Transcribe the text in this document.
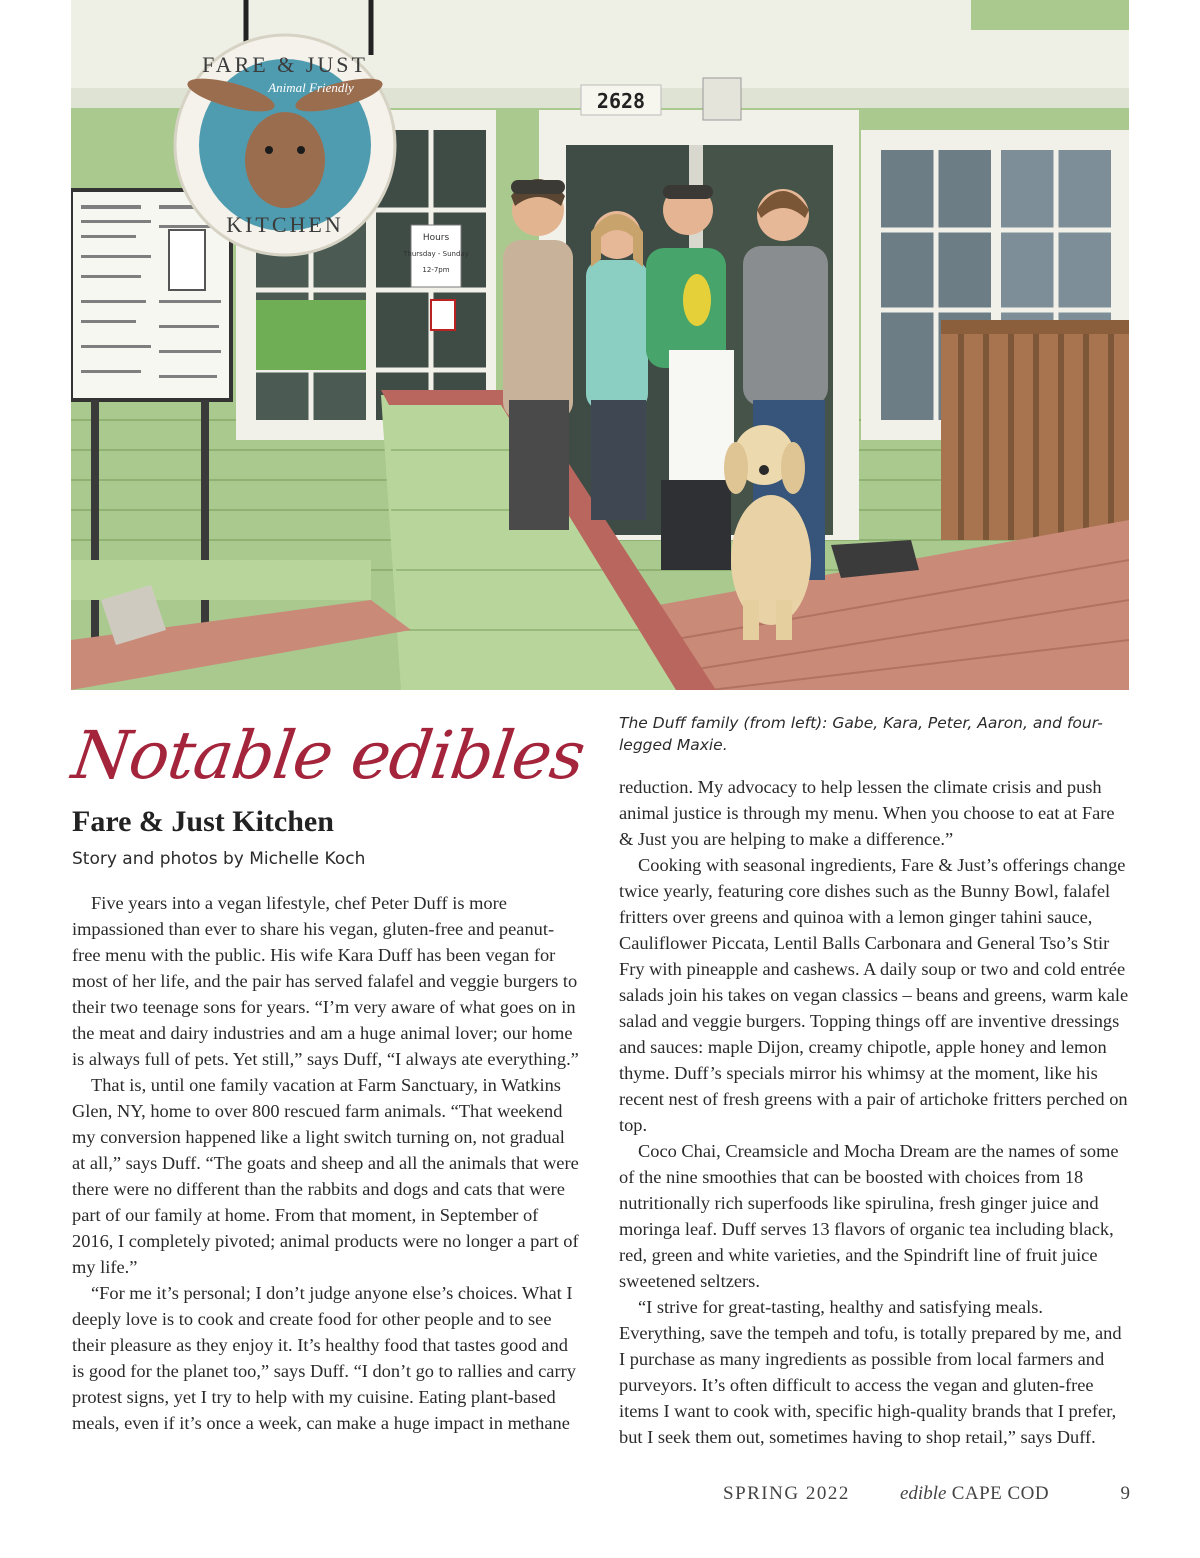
Hours
Thursday - Sunday
12-7pm
2628
FARE & JUST
Animal Friendly
KITCHEN
Notable edibles
Fare & Just Kitchen
Story and photos by Michelle Koch

Five years into a vegan lifestyle, chef Peter Duff is more impassioned than ever to share his vegan, gluten-free and peanut-free menu with the public. His wife Kara Duff has been vegan for most of her life, and the pair has served falafel and veggie burgers to their two teenage sons for years. “I’m very aware of what goes on in the meat and dairy industries and am a huge animal lover; our home is always full of pets. Yet still,” says Duff, “I always ate everything.”

That is, until one family vacation at Farm Sanctuary, in Watkins Glen, NY, home to over 800 rescued farm animals. “That weekend my conversion happened like a light switch turning on, not gradual at all,” says Duff. “The goats and sheep and all the animals that were there were no different than the rabbits and dogs and cats that were part of our family at home. From that moment, in September of 2016, I completely pivoted; animal products were no longer a part of my life.”

“For me it’s personal; I don’t judge anyone else’s choices. What I deeply love is to cook and create food for other people and to see their pleasure as they enjoy it. It’s healthy food that tastes good and is good for the planet too,” says Duff. “I don’t go to rallies and carry protest signs, yet I try to help with my cuisine. Eating plant-based meals, even if it’s once a week, can make a huge impact in methane

The Duff family (from left): Gabe, Kara, Peter, Aaron, and four-legged Maxie.

reduction. My advocacy to help lessen the climate crisis and push animal justice is through my menu. When you choose to eat at Fare & Just you are helping to make a difference.”

Cooking with seasonal ingredients, Fare & Just’s offerings change twice yearly, featuring core dishes such as the Bunny Bowl, falafel fritters over greens and quinoa with a lemon ginger tahini sauce, Cauliflower Piccata, Lentil Balls Carbonara and General Tso’s Stir Fry with pineapple and cashews. A daily soup or two and cold entrée salads join his takes on vegan classics – beans and greens, warm kale salad and veggie burgers. Topping things off are inventive dressings and sauces: maple Dijon, creamy chipotle, apple honey and lemon thyme. Duff’s specials mirror his whimsy at the moment, like his recent nest of fresh greens with a pair of artichoke fritters perched on top.

Coco Chai, Creamsicle and Mocha Dream are the names of some of the nine smoothies that can be boosted with choices from 18 nutritionally rich superfoods like spirulina, fresh ginger juice and moringa leaf. Duff serves 13 flavors of organic tea including black, red, green and white varieties, and the Spindrift line of fruit juice sweetened seltzers.

“I strive for great-tasting, healthy and satisfying meals. Everything, save the tempeh and tofu, is totally prepared by me, and I purchase as many ingredients as possible from local farmers and purveyors. It’s often difficult to access the vegan and gluten-free items I want to cook with, specific high-quality brands that I prefer, but I seek them out, sometimes having to shop retail,” says Duff.

SPRING 2022	edible CAPE COD	9
